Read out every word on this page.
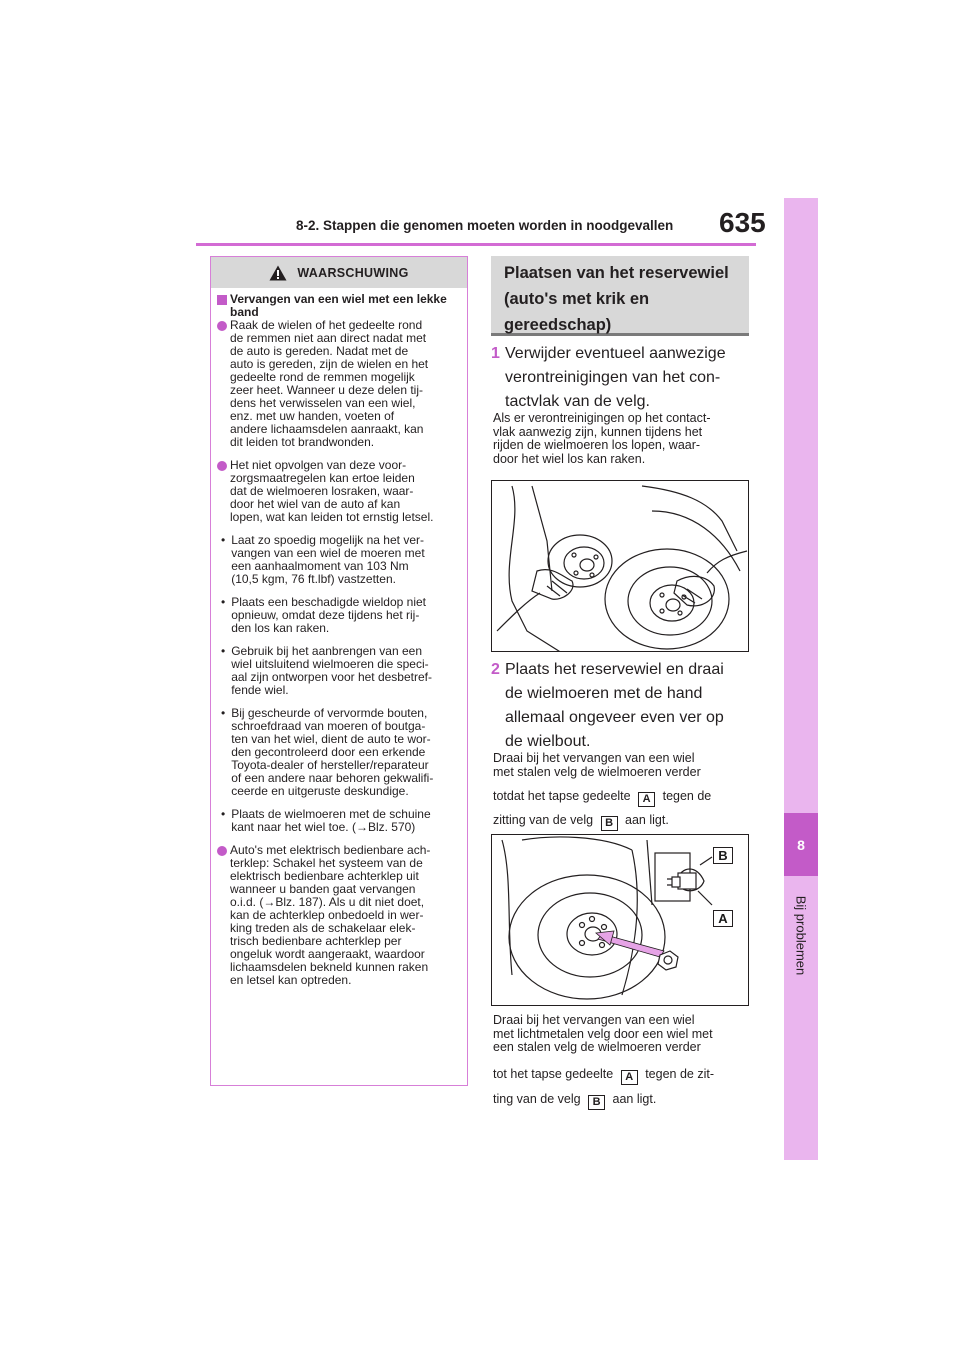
8-2. Stappen die genomen moeten worden in noodgevallen 635
8
Bij problemen
WAARSCHUWING
Vervangen van een wiel met een lekke band
Raak de wielen of het gedeelte rond
de remmen niet aan direct nadat met
de auto is gereden. Nadat met de
auto is gereden, zijn de wielen en het
gedeelte rond de remmen mogelijk
zeer heet. Wanneer u deze delen tij-
dens het verwisselen van een wiel,
enz. met uw handen, voeten of
andere lichaamsdelen aanraakt, kan
dit leiden tot brandwonden.
Het niet opvolgen van deze voor-
zorgsmaatregelen kan ertoe leiden
dat de wielmoeren losraken, waar-
door het wiel van de auto af kan
lopen, wat kan leiden tot ernstig letsel.
• Laat zo spoedig mogelijk na het ver-
vangen van een wiel de moeren met
een aanhaalmoment van 103 Nm
(10,5 kgm, 76 ft.lbf) vastzetten.
• Plaats een beschadigde wieldop niet
opnieuw, omdat deze tijdens het rij-
den los kan raken.
• Gebruik bij het aanbrengen van een
wiel uitsluitend wielmoeren die speci-
aal zijn ontworpen voor het desbetref-
fende wiel.
• Bij gescheurde of vervormde bouten,
schroefdraad van moeren of boutga-
ten van het wiel, dient de auto te wor-
den gecontroleerd door een erkende
Toyota-dealer of hersteller/reparateur
of een andere naar behoren gekwalifi-
ceerde en uitgeruste deskundige.
• Plaats de wielmoeren met de schuine
kant naar het wiel toe. (→Blz. 570)
Auto's met elektrisch bedienbare ach-
terklep: Schakel het systeem van de
elektrisch bedienbare achterklep uit
wanneer u banden gaat vervangen
o.i.d. (→Blz. 187). Als u dit niet doet,
kan de achterklep onbedoeld in wer-
king treden als de schakelaar elek-
trisch bedienbare achterklep per
ongeluk wordt aangeraakt, waardoor
lichaamsdelen bekneld kunnen raken
en letsel kan optreden.
Plaatsen van het reservewiel
(auto's met krik en
gereedschap)
1 Verwijder eventueel aanwezige
verontreinigingen van het con-
tactvlak van de velg.
Als er verontreinigingen op het contact-
vlak aanwezig zijn, kunnen tijdens het
rijden de wielmoeren los lopen, waar-
door het wiel los kan raken.
2 Plaats het reservewiel en draai
de wielmoeren met de hand
allemaal ongeveer even ver op
de wielbout.
Draai bij het vervangen van een wiel
met stalen velg de wielmoeren verder
totdat het tapse gedeelte A tegen de
zitting van de velg B aan ligt.
B
A
Draai bij het vervangen van een wiel
met lichtmetalen velg door een wiel met
een stalen velg de wielmoeren verder
tot het tapse gedeelte A tegen de zit-
ting van de velg B aan ligt.
